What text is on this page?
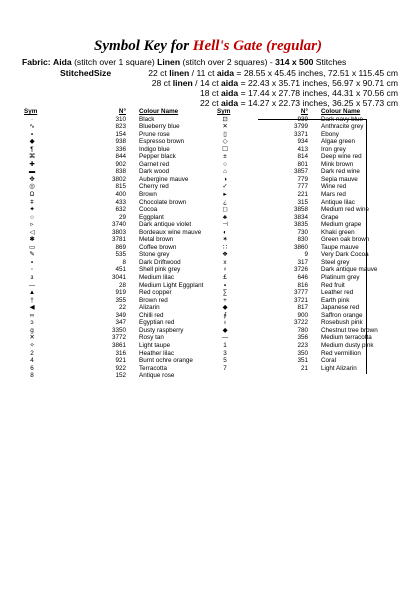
Symbol Key for Hell's Gate (regular)
Fabric: Aida (stitch over 1 square) Linen (stitch over 2 squares) - 314 x 500 Stitches
StitchedSize	22 ct linen / 11 ct aida = 28.55 x 45.45 inches, 72.51 x 115.45 cm
28 ct linen / 14 ct aida = 22.43 x 35.71 inches, 56.97 x 90.71 cm
18 ct aida = 17.44 x 27.78 inches, 44.31 x 70.56 cm
22 ct aida = 14.27 x 22.73 inches, 36.25 x 57.73 cm
Sym	N°	Colour Name
·	310	Black
∿	823	Blueberry blue
▪	154	Prune rose
◆	938	Espresso brown
¶	336	Indigo blue
⌘	844	Pepper black
✚	902	Garnet red
▬	838	Dark wood
✥	3802	Aubergine mauve
◎	815	Cherry red
Ω	400	Brown
ǂ	433	Chocolate brown
✦	632	Cocoa
○	29	Eggplant
▹	3740	Dark antique violet
◁	3803	Bordeaux wine mauve
✱	3781	Metal brown
▭	869	Coffee brown
✎	535	Stone grey
▪	8	Dark Driftwood
◦	451	Shell pink grey
ɜ	3041	Medium lilac
—	28	Medium Light Eggplant
▲	919	Red copper
†	355	Brown red
◀	22	Alizarin
∞	349	Chilli red
ɔ	347	Egyptian red
ɡ	3350	Dusty raspberry
✕	3772	Rosy tan
✧	3861	Light taupe
2	316	Heather lilac
4	921	Burnt ochre orange
6	922	Terracotta
8	152	Antique rose
Sym	N°	Colour Name
⊡	939	Dark navy blue
✕	3799	Anthracite grey
▯	3371	Ebony
◇	934	Algae green
☐	413	Iron grey
±	814	Deep wine red
○	801	Mink brown
⌂	3857	Dark red wine
◑	779	Sepia mauve
✓	777	Wine red
▸	221	Mars red
¿	315	Antique lilac
◻	3858	Medium red wine
♣	3834	Grape
⊣	3835	Medium grape
◐	730	Khaki green
✶	830	Green oak brown
∷	3860	Taupe mauve
❖	9	Very Dark Cocoa
x	317	Steel grey
♀	3726	Dark antique mauve
£	646	Platinum grey
▪	816	Red fruit
∑	3777	Leather red
+	3721	Earth pink
◆	817	Japanese red
∮	900	Saffron orange
♁	3722	Rosebush pink
◆	780	Chestnut tree brown
—	356	Medium terracotta
1	223	Medium dusty pink
3	350	Red vermillion
5	351	Coral
7	21	Light Alizarin
